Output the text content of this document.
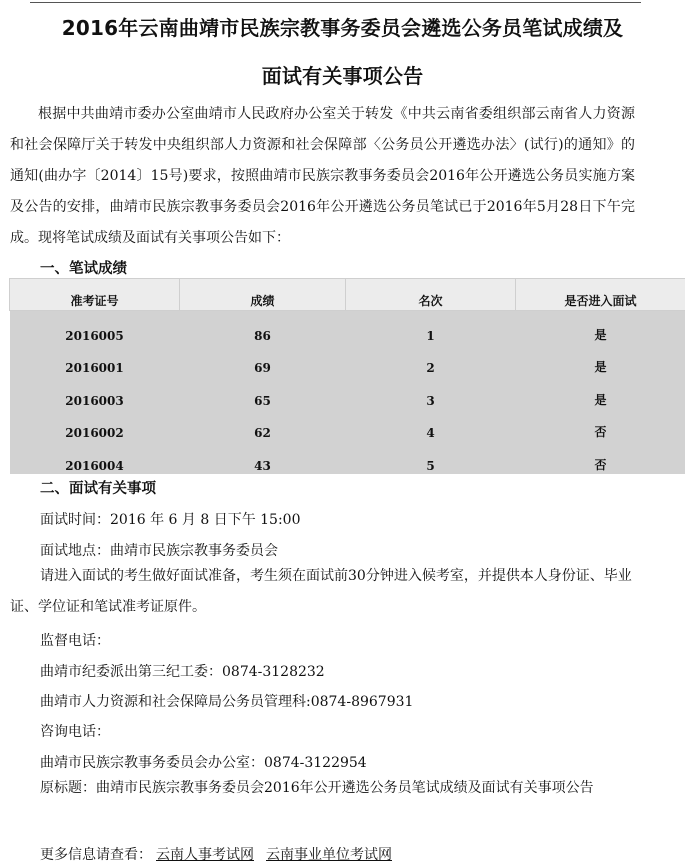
2016年云南曲靖市民族宗教事务委员会遴选公务员笔试成绩及
面试有关事项公告

根据中共曲靖市委办公室曲靖市人民政府办公室关于转发《中共云南省委组织部云南省人力资源和社会保障厅关于转发中央组织部人力资源和社会保障部〈公务员公开遴选办法〉(试行)的通知》的通知(曲办字〔2014〕15号)要求，按照曲靖市民族宗教事务委员会2016年公开遴选公务员实施方案及公告的安排，曲靖市民族宗教事务委员会2016年公开遴选公务员笔试已于2016年5月28日下午完成。现将笔试成绩及面试有关事项公告如下：

一、笔试成绩
准考证号	成绩	名次	是否进入面试
2016005	86	1	是
2016001	69	2	是
2016003	65	3	是
2016002	62	4	否
2016004	43	5	否
二、面试有关事项

面试时间：2016 年 6 月 8 日下午 15:00

面试地点：曲靖市民族宗教事务委员会

请进入面试的考生做好面试准备，考生须在面试前30分钟进入候考室，并提供本人身份证、毕业证、学位证和笔试准考证原件。

监督电话：

曲靖市纪委派出第三纪工委：0874-3128232

曲靖市人力资源和社会保障局公务员管理科:0874-8967931

咨询电话：

曲靖市民族宗教事务委员会办公室：0874-3122954

原标题：曲靖市民族宗教事务委员会2016年公开遴选公务员笔试成绩及面试有关事项公告

更多信息请查看： 云南人事考试网 云南事业单位考试网
